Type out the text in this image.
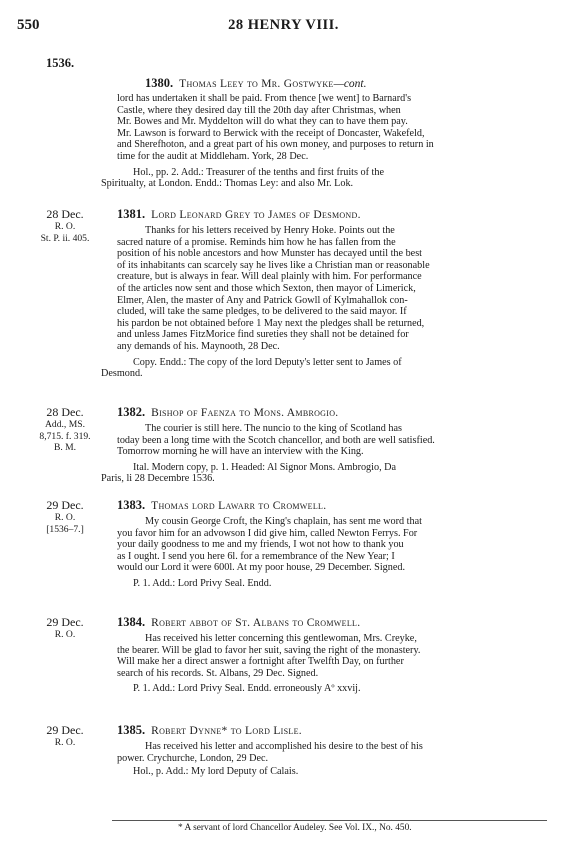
550	28 HENRY VIII.
1536.
1380. Thomas Leey to Mr. Gostwyke—cont.
lord has undertaken it shall be paid. From thence [we went] to Barnard's
Castle, where they desired day till the 20th day after Christmas, when
Mr. Bowes and Mr. Myddelton will do what they can to have them pay.
Mr. Lawson is forward to Berwick with the receipt of Doncaster, Wakefeld,
and Sherefhoton, and a great part of his own money, and purposes to return in
time for the audit at Middleham. York, 28 Dec.
Hol., pp. 2. Add.: Treasurer of the tenths and first fruits of the
Spiritualty, at London. Endd.: Thomas Ley: and also Mr. Lok.
28 Dec.
R. O.
St. P. ii. 405.
1381. Lord Leonard Grey to James of Desmond.
Thanks for his letters received by Henry Hoke. Points out the
sacred nature of a promise. Reminds him how he has fallen from the
position of his noble ancestors and how Munster has decayed until the best
of its inhabitants can scarcely say he lives like a Christian man or reasonable
creature, but is always in fear. Will deal plainly with him. For performance
of the articles now sent and those which Sexton, then mayor of Limerick,
Elmer, Alen, the master of Any and Patrick Gowll of Kylmahallok con-
cluded, will take the same pledges, to be delivered to the said mayor. If
his pardon be not obtained before 1 May next the pledges shall be returned,
and unless James FitzMorice find sureties they shall not be detained for
any demands of his. Maynooth, 28 Dec.
Copy. Endd.: The copy of the lord Deputy's letter sent to James of
Desmond.
28 Dec.
Add., MS.
8,715. f. 319.
B. M.
1382. Bishop of Faenza to Mons. Ambrogio.
The courier is still here. The nuncio to the king of Scotland has
today been a long time with the Scotch chancellor, and both are well satisfied.
Tomorrow morning he will have an interview with the King.
Ital. Modern copy, p. 1. Headed: Al Signor Mons. Ambrogio, Da
Paris, li 28 Decembre 1536.
29 Dec.
R. O.
[1536–7.]
1383. Thomas lord Lawarr to Cromwell.
My cousin George Croft, the King's chaplain, has sent me word that
you favor him for an advowson I did give him, called Newton Ferrys. For
your daily goodness to me and my friends, I wot not how to thank you
as I ought. I send you here 6l. for a remembrance of the New Year; I
would our Lord it were 600l. At my poor house, 29 December. Signed.
P. 1. Add.: Lord Privy Seal. Endd.
29 Dec.
R. O.
1384. Robert abbot of St. Albans to Cromwell.
Has received his letter concerning this gentlewoman, Mrs. Creyke,
the bearer. Will be glad to favor her suit, saving the right of the monastery.
Will make her a direct answer a fortnight after Twelfth Day, on further
search of his records. St. Albans, 29 Dec. Signed.
P. 1. Add.: Lord Privy Seal. Endd. erroneously Aº xxvij.
29 Dec.
R. O.
1385. Robert Dynne* to Lord Lisle.
Has received his letter and accomplished his desire to the best of his
power. Crychurche, London, 29 Dec.
Hol., p. Add.: My lord Deputy of Calais.
* A servant of lord Chancellor Audeley. See Vol. IX., No. 450.
